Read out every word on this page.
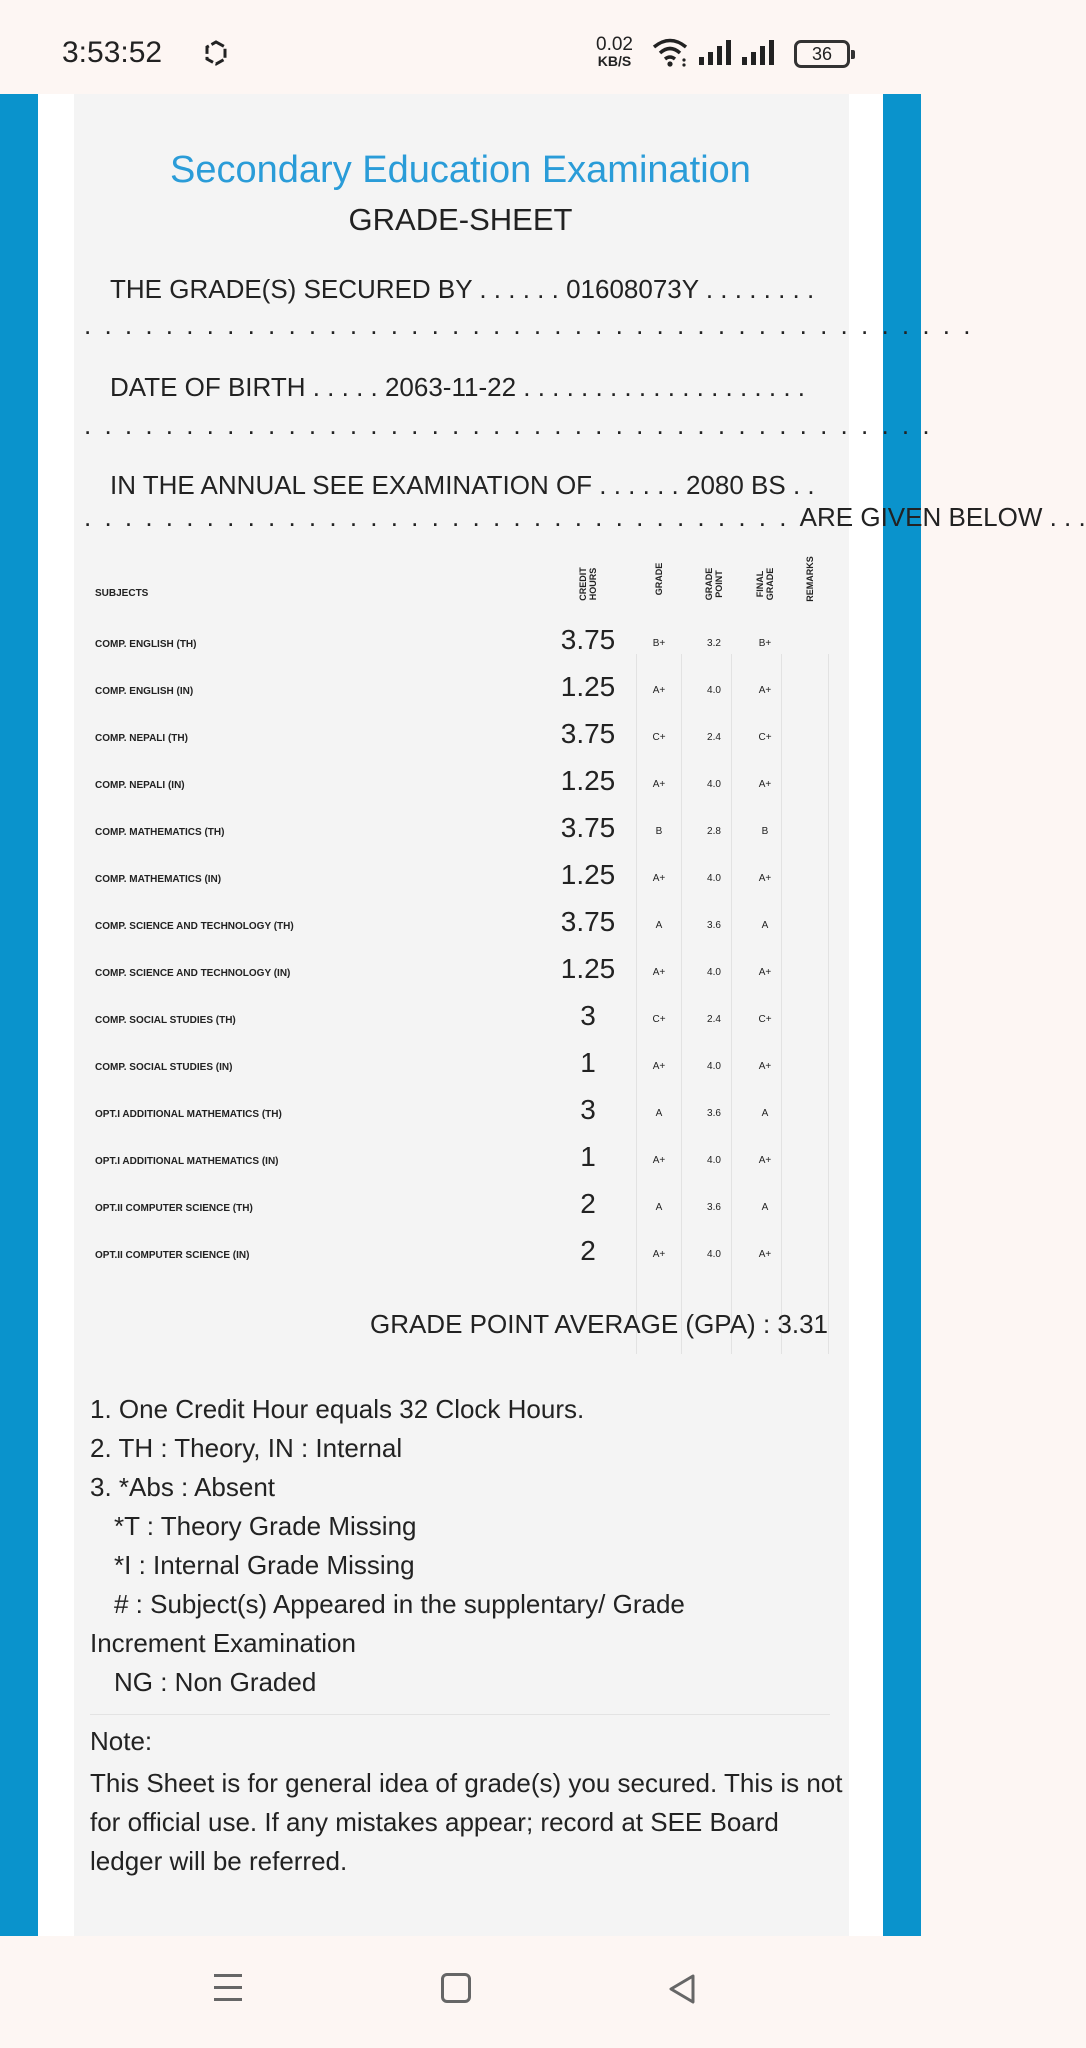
3:53:52	0.02
KB/S	36
Secondary Education Examination
GRADE-SHEET
THE GRADE(S) SECURED BY . . . . . . 01608073Y . . . . . . . .
. . . . . . . . . . . . . . . . . . . . . . . . . . . . . . . . . . . . . . . . . . . .
DATE OF BIRTH . . . . . 2063-11-22 . . . . . . . . . . . . . . . . . . . .
. . . . . . . . . . . . . . . . . . . . . . . . . . . . . . . . . . . . . . . . . .
IN THE ANNUAL SEE EXAMINATION OF . . . . . . 2080 BS . .
. . . . . . . . . . . . . . . . . . . . . . . . . . . . . . . . . . . ARE GIVEN BELOW . . .
SUBJECTS	CREDIT HOURS	GRADE	GRADE POINT	FINAL GRADE	REMARKS
COMP. ENGLISH (TH)	3.75	B+	3.2	B+
COMP. ENGLISH (IN)	1.25	A+	4.0	A+
COMP. NEPALI (TH)	3.75	C+	2.4	C+
COMP. NEPALI (IN)	1.25	A+	4.0	A+
COMP. MATHEMATICS (TH)	3.75	B	2.8	B
COMP. MATHEMATICS (IN)	1.25	A+	4.0	A+
COMP. SCIENCE AND TECHNOLOGY (TH)	3.75	A	3.6	A
COMP. SCIENCE AND TECHNOLOGY (IN)	1.25	A+	4.0	A+
COMP. SOCIAL STUDIES (TH)	3	C+	2.4	C+
COMP. SOCIAL STUDIES (IN)	1	A+	4.0	A+
OPT.I ADDITIONAL MATHEMATICS (TH)	3	A	3.6	A
OPT.I ADDITIONAL MATHEMATICS (IN)	1	A+	4.0	A+
OPT.II COMPUTER SCIENCE (TH)	2	A	3.6	A
OPT.II COMPUTER SCIENCE (IN)	2	A+	4.0	A+
GRADE POINT AVERAGE (GPA) : 3.31
1. One Credit Hour equals 32 Clock Hours.
2. TH : Theory, IN : Internal
3. *Abs : Absent
*T : Theory Grade Missing
*I : Internal Grade Missing
# : Subject(s) Appeared in the supplentary/ Grade
Increment Examination
NG : Non Graded
Note:
This Sheet is for general idea of grade(s) you secured. This is not for official use. If any mistakes appear; record at SEE Board ledger will be referred.
